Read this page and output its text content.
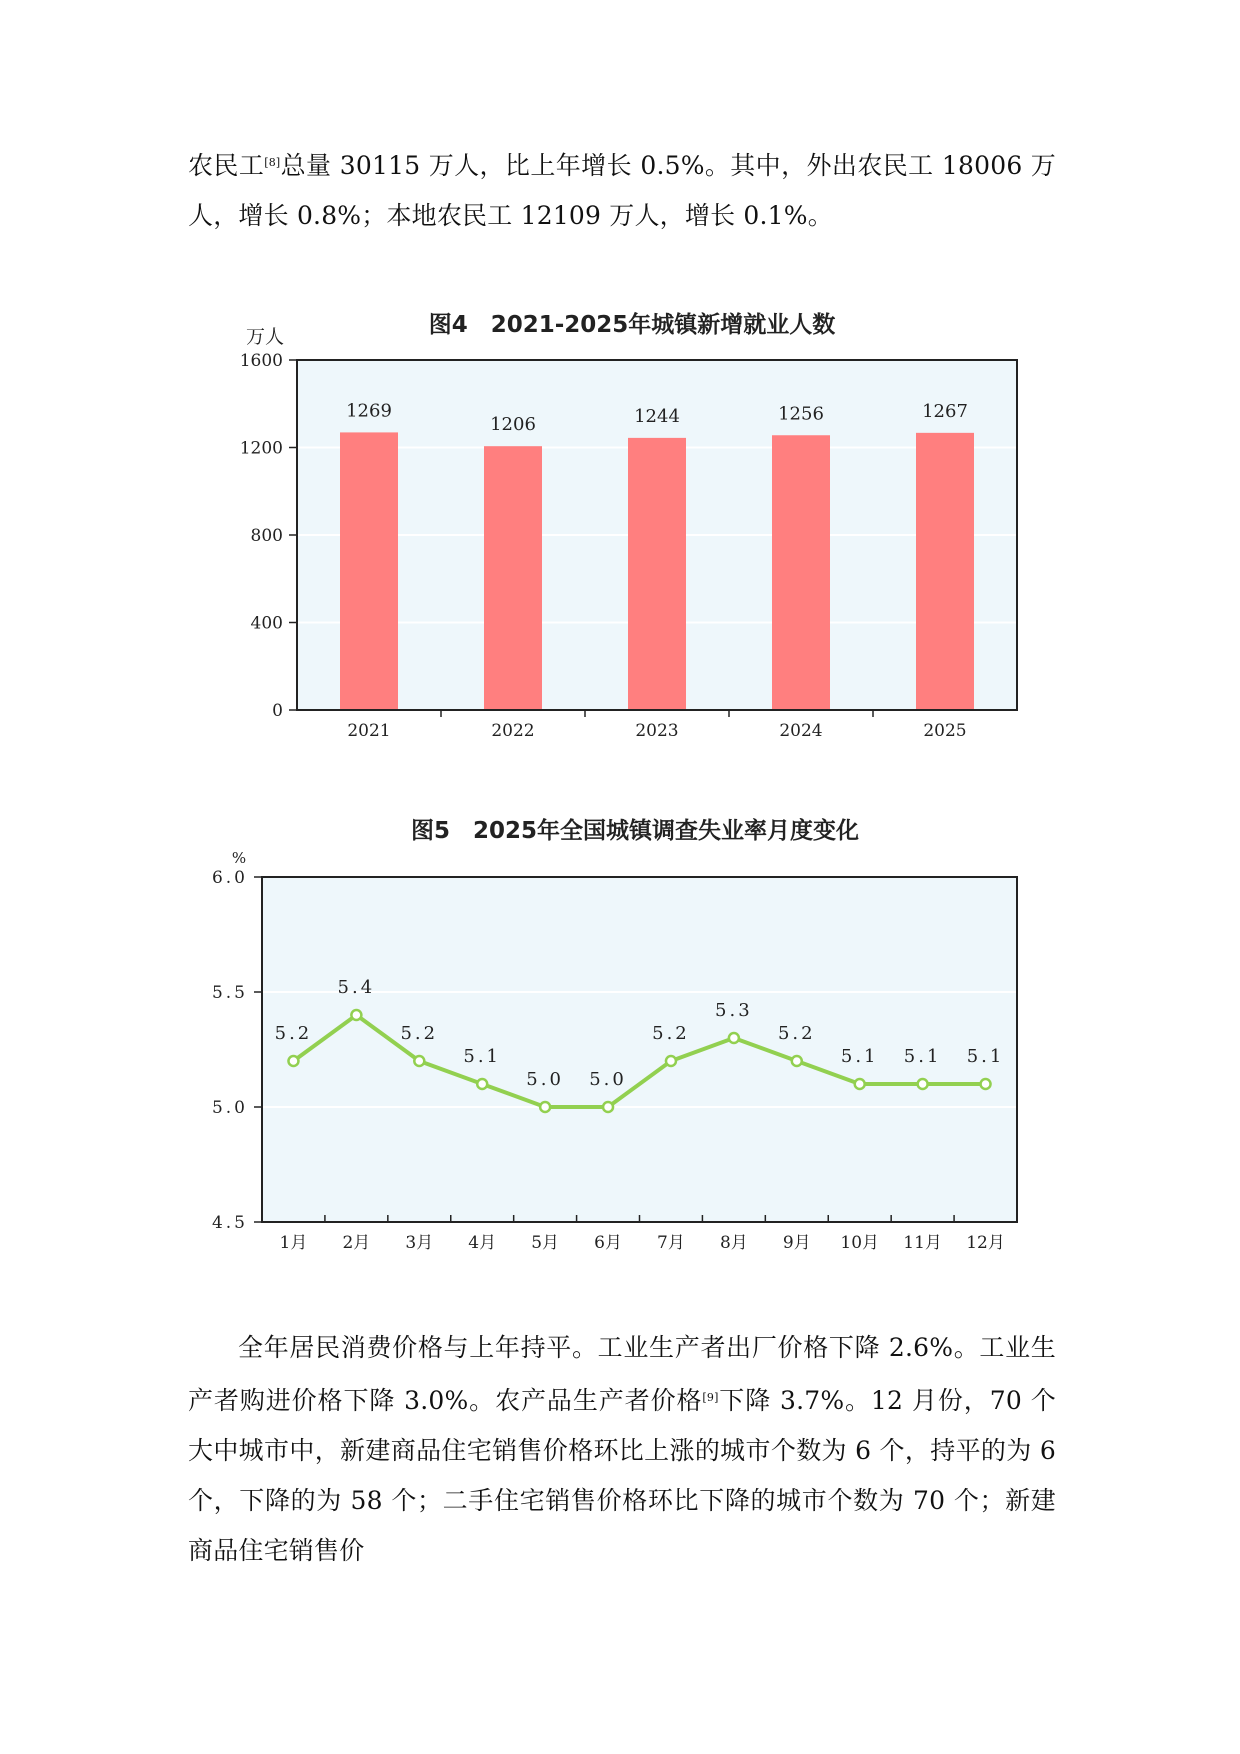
农民工[8]总量 30115 万人，比上年增长 0.5%。其中，外出农民工 18006 万人，增长 0.8%；本地农民工 12109 万人，增长 0.1%。

图4　2021-2025年城镇新增就业人数
万人
0
400
800
1200
1600
1269
2021
1206
2022
1244
2023
1256
2024
1267
2025
图5　2025年全国城镇调查失业率月度变化
%
4.5
5.0
5.5
6.0
5.2
1月
5.4
2月
5.2
3月
5.1
4月
5.0
5月
5.0
6月
5.2
7月
5.3
8月
5.2
9月
5.1
10月
5.1
11月
5.1
12月

全年居民消费价格与上年持平。工业生产者出厂价格下降 2.6%。工业生产者购进价格下降 3.0%。农产品生产者价格[9]下降 3.7%。12 月份，70 个大中城市中，新建商品住宅销售价格环比上涨的城市个数为 6 个，持平的为 6 个，下降的为 58 个；二手住宅销售价格环比下降的城市个数为 70 个；新建商品住宅销售价
